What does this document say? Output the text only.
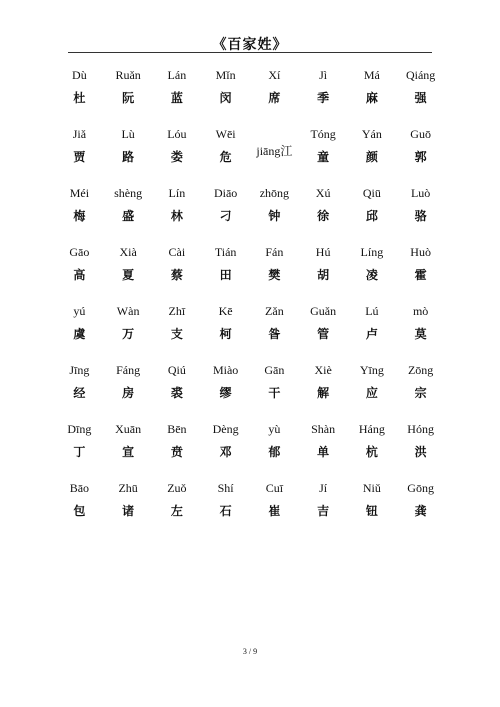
《百家姓》
Dù
杜
Ruǎn
阮
Lán
蓝
Mǐn
闵
Xí
席
Jì
季
Má
麻
Qiáng
强
Jiǎ
贾
Lù
路
Lóu
娄
Wēi
危	jiāng江
Tóng
童
Yán
颜
Guō
郭
Méi
梅
shèng
盛
Lín
林
Diāo
刁
zhōng
钟
Xú
徐
Qiū
邱
Luò
骆
Gāo
高
Xià
夏
Cài
蔡
Tián
田
Fán
樊
Hú
胡
Líng
凌
Huò
霍
yú
虞
Wàn
万
Zhī
支
Kē
柯
Zǎn
昝
Guǎn
管
Lú
卢
mò
莫
Jīng
经
Fáng
房
Qiú
裘
Miào
缪
Gān
干
Xiè
解
Yīng
应
Zōng
宗
Dīng
丁
Xuān
宣
Bēn
贲
Dèng
邓
yù
郁
Shàn
单
Háng
杭
Hóng
洪
Bāo
包
Zhū
诸
Zuǒ
左
Shí
石
Cuī
崔
Jí
吉
Niǔ
钮
Gōng
龚
3 / 9
